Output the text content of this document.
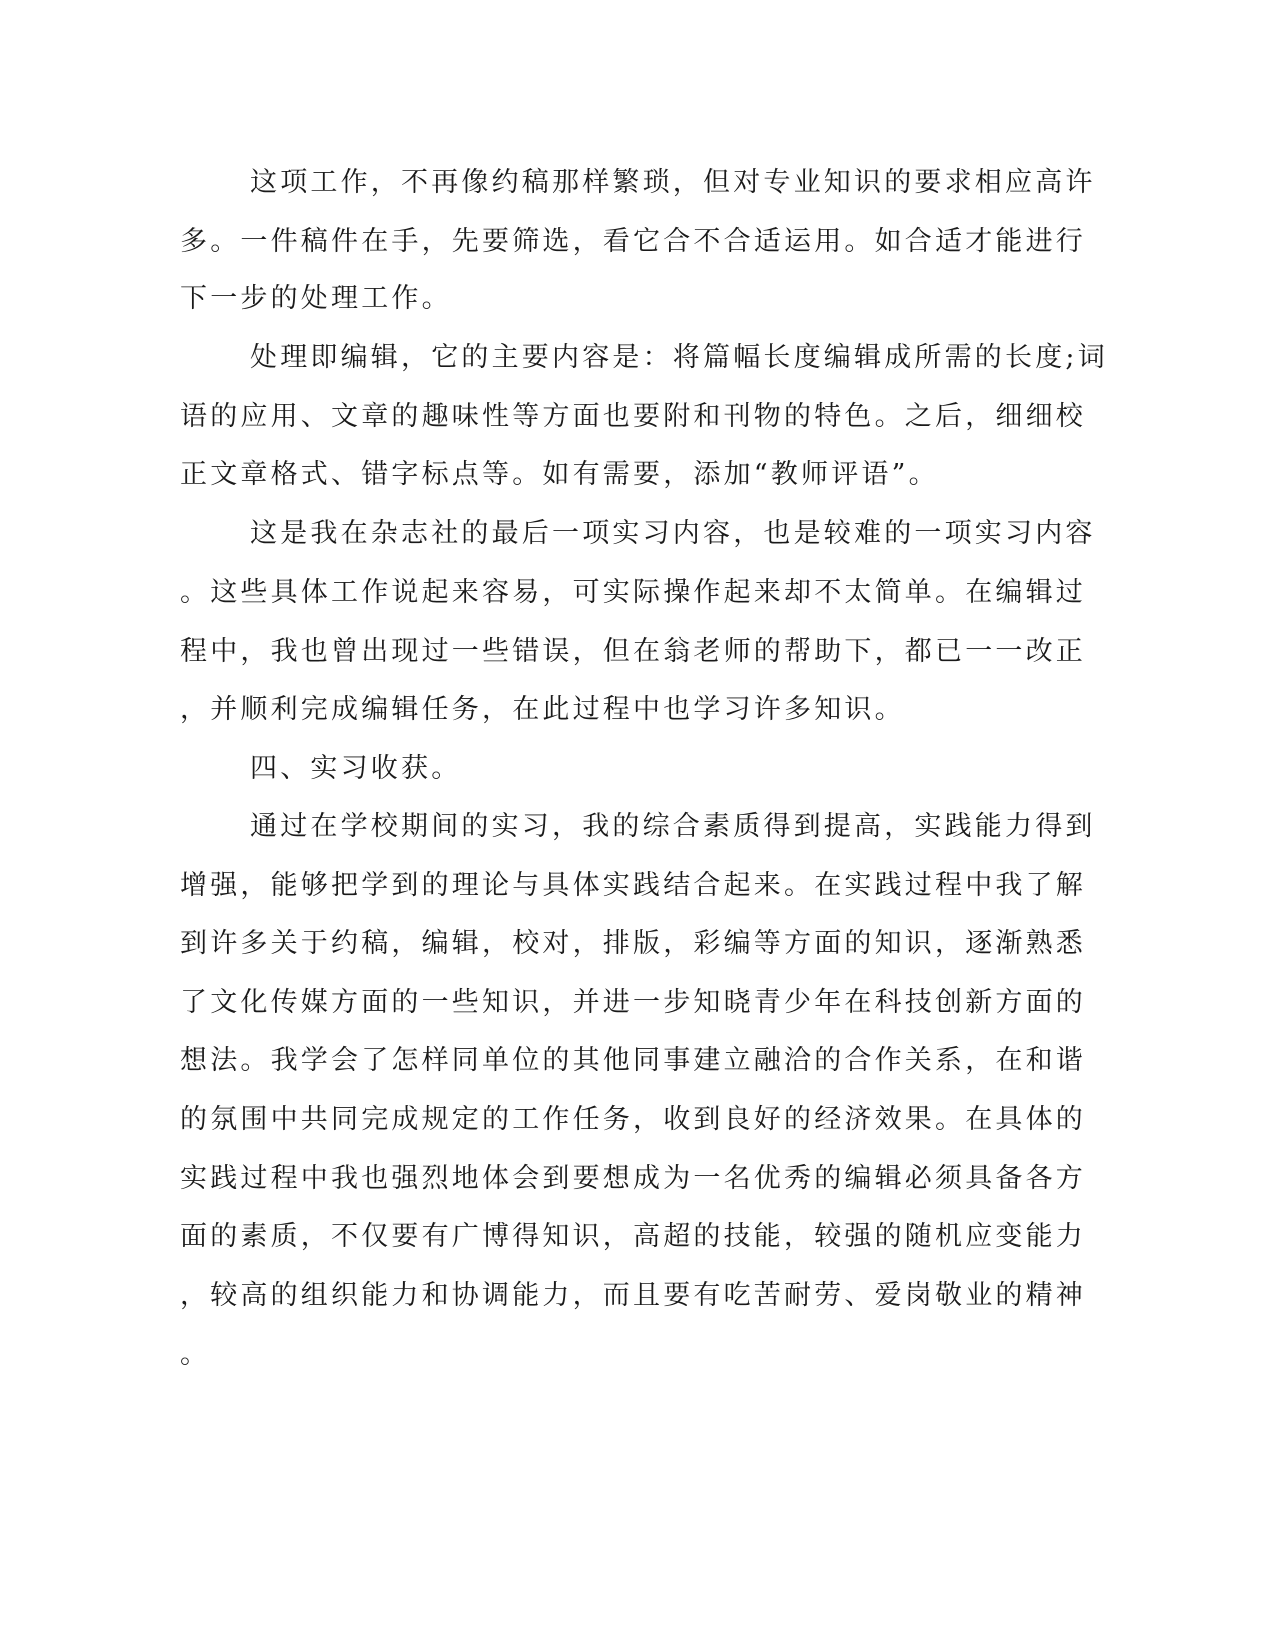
这项工作，不再像约稿那样繁琐，但对专业知识的要求相应高许
多。一件稿件在手，先要筛选，看它合不合适运用。如合适才能进行
下一步的处理工作。
处理即编辑，它的主要内容是：将篇幅长度编辑成所需的长度;词
语的应用、文章的趣味性等方面也要附和刊物的特色。之后，细细校
正文章格式、错字标点等。如有需要，添加“教师评语”。
这是我在杂志社的最后一项实习内容，也是较难的一项实习内容
。这些具体工作说起来容易，可实际操作起来却不太简单。在编辑过
程中，我也曾出现过一些错误，但在翁老师的帮助下，都已一一改正
，并顺利完成编辑任务，在此过程中也学习许多知识。
四、实习收获。
通过在学校期间的实习，我的综合素质得到提高，实践能力得到
增强，能够把学到的理论与具体实践结合起来。在实践过程中我了解
到许多关于约稿，编辑，校对，排版，彩编等方面的知识，逐渐熟悉
了文化传媒方面的一些知识，并进一步知晓青少年在科技创新方面的
想法。我学会了怎样同单位的其他同事建立融洽的合作关系，在和谐
的氛围中共同完成规定的工作任务，收到良好的经济效果。在具体的
实践过程中我也强烈地体会到要想成为一名优秀的编辑必须具备各方
面的素质，不仅要有广博得知识，高超的技能，较强的随机应变能力
，较高的组织能力和协调能力，而且要有吃苦耐劳、爱岗敬业的精神
。
